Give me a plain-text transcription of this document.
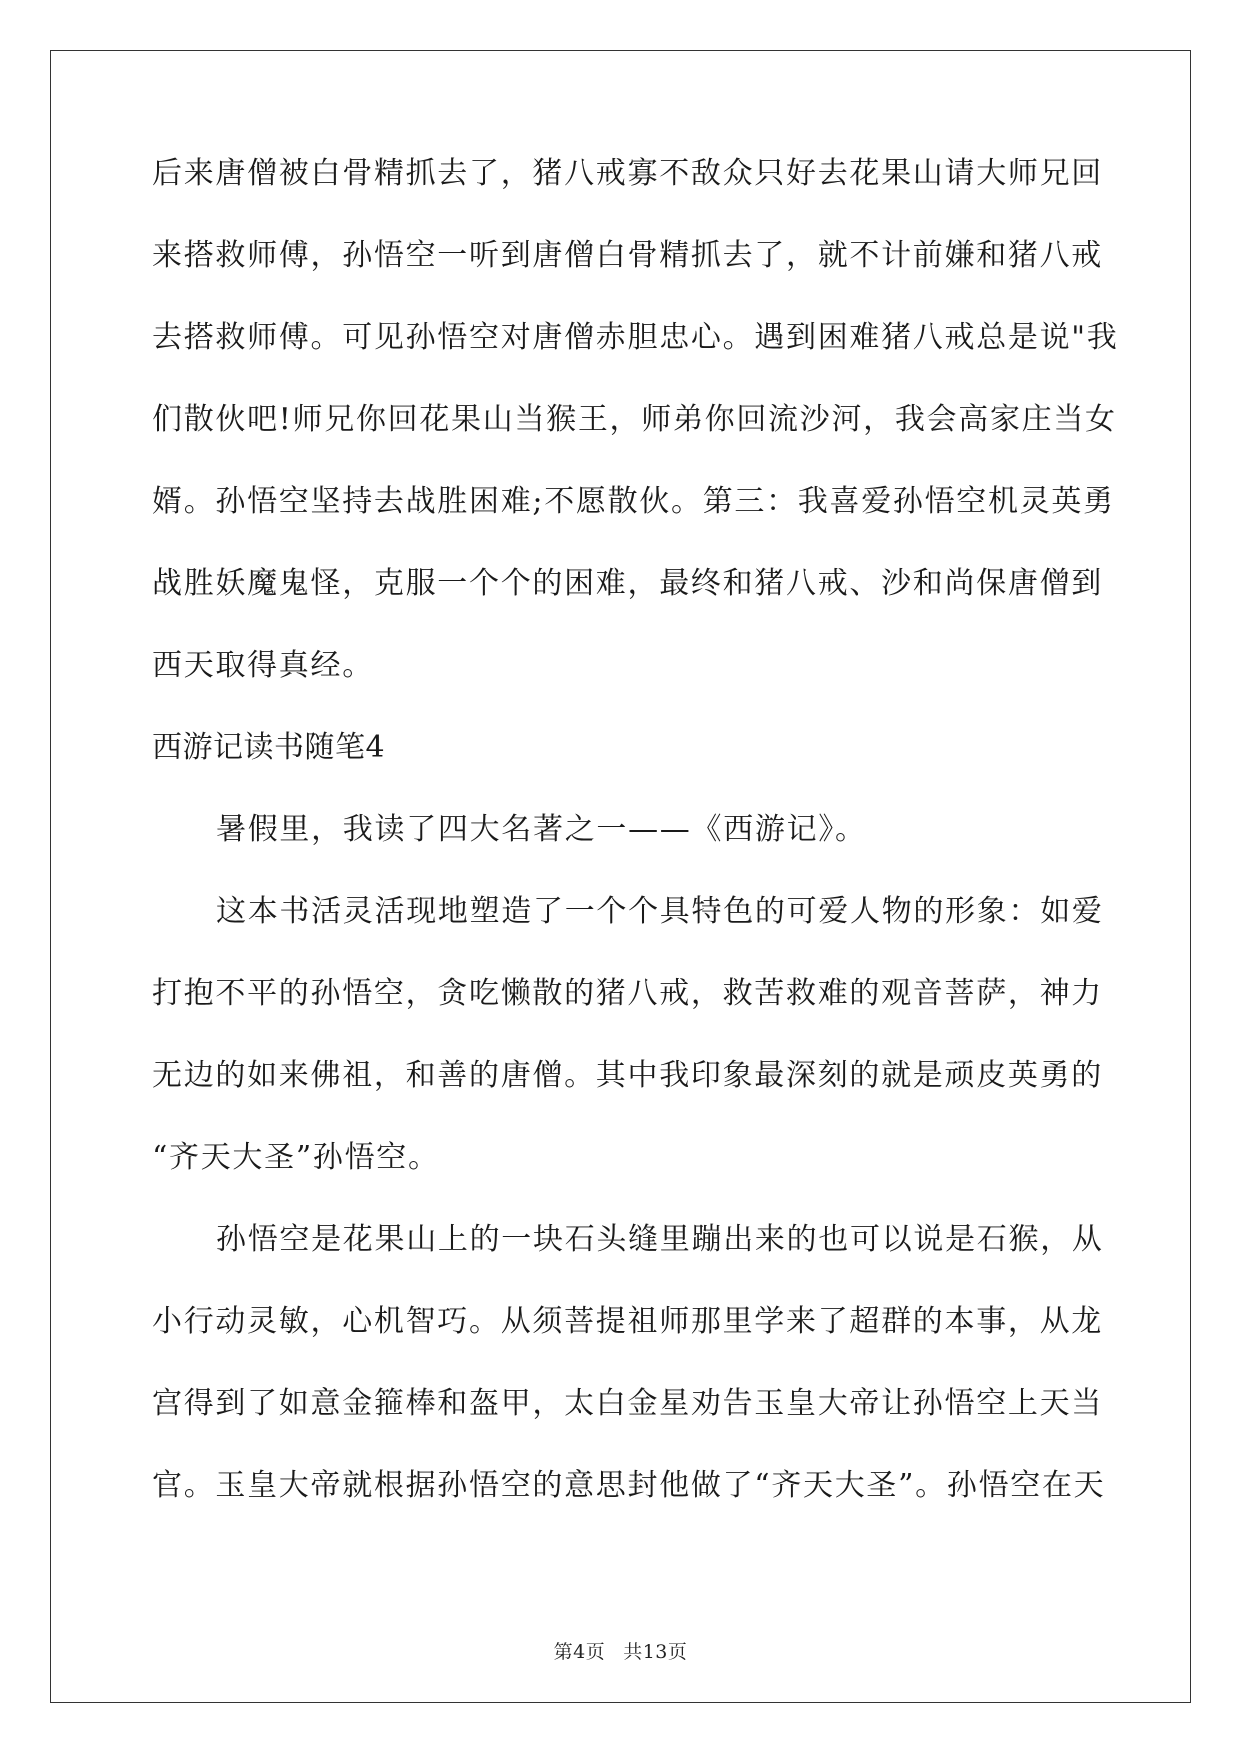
后来唐僧被白骨精抓去了，猪八戒寡不敌众只好去花果山请大师兄回
来搭救师傅，孙悟空一听到唐僧白骨精抓去了，就不计前嫌和猪八戒
去搭救师傅。可见孙悟空对唐僧赤胆忠心。遇到困难猪八戒总是说"我
们散伙吧!师兄你回花果山当猴王，师弟你回流沙河，我会高家庄当女
婿。孙悟空坚持去战胜困难;不愿散伙。第三：我喜爱孙悟空机灵英勇
战胜妖魔鬼怪，克服一个个的困难，最终和猪八戒、沙和尚保唐僧到
西天取得真经。
西游记读书随笔4
暑假里，我读了四大名著之一——《西游记》。
这本书活灵活现地塑造了一个个具特色的可爱人物的形象：如爱
打抱不平的孙悟空，贪吃懒散的猪八戒，救苦救难的观音菩萨，神力
无边的如来佛祖，和善的唐僧。其中我印象最深刻的就是顽皮英勇的
“齐天大圣”孙悟空。
孙悟空是花果山上的一块石头缝里蹦出来的也可以说是石猴，从
小行动灵敏，心机智巧。从须菩提祖师那里学来了超群的本事，从龙
宫得到了如意金箍棒和盔甲，太白金星劝告玉皇大帝让孙悟空上天当
官。玉皇大帝就根据孙悟空的意思封他做了“齐天大圣”。孙悟空在天
第4页 共13页
